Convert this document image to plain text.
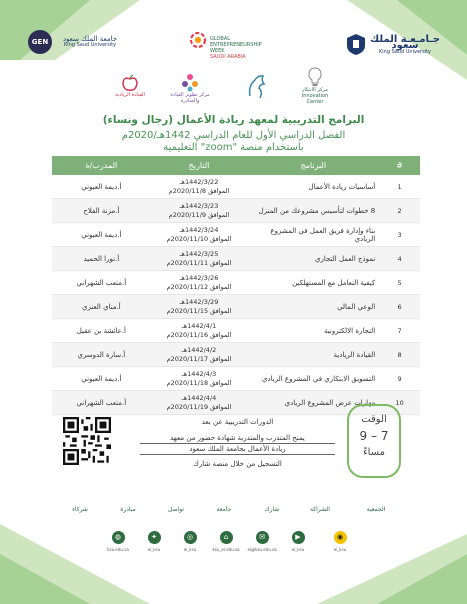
جـامـعـة الملك سعود
King Saud University
GLOBAL
ENTREPRENEURSHIP
WEEK
SAUDI ARABIA
GEN جامعة الملك سعود
King Saud University
مركز الابتكار
Innovation Center
مركز تطوير القيادة والمبادرة
القيادة الريادية
البرامج التدريبية لمعهد ريادة الأعمال (رجال ونساء)
الفصل الدراسي الأول للعام الدراسي 1442هـ/2020م
باستخدام منصة "zoom" التعليمية
#	البرنامج	التاريخ	المدرب/ة
1	أساسيات ريادة الأعمال	1442/3/22هـ
الموافق 2020/11/8م	أ.ديمة العيوني
2	8 خطوات لتأسيس مشروعك من المنزل	1442/3/23هـ
الموافق 2020/11/9م	أ.مزنة الفلاح
3	بناء وإدارة فريق العمل في المشروع الريادي	1442/3/24هـ
الموافق 2020/11/10م	أ.ديمة العيوني
4	نموذج العمل التجاري	1442/3/25هـ
الموافق 2020/11/11م	أ.نورا الحميد
5	كيفية التعامل مع المستهلكين	1442/3/26هـ
الموافق 2020/11/12م	أ.متعب الشهراني
6	الوعي المالي	1442/3/29هـ
الموافق 2020/11/15م	أ.مناي العنزي
7	التجارة الالكترونية	1442/4/1هـ
الموافق 2020/11/16م	أ.عائشة بن عقيل
8	القيادة الريادية	1442/4/2هـ
الموافق 2020/11/17م	أ.سارة الدوسري
9	التسويق الابتكاري في المشروع الريادي	1442/4/3هـ
الموافق 2020/11/18م	أ.ديمة العيوني
10	مهارات عرض المشروع الريادي	1442/4/4هـ
الموافق 2020/11/19م	أ.متعب الشهراني
الدورات التدريبية عن بعد
يمنح المتدرب والمتدربة شهادة حضور من معهد
ريادة الأعمال بجامعة الملك سعود
التسجيل من خلال منصة شارك
الوقت
7 – 9
مساءً
شركاء	مبادرة	تواصل	جامعة	شارك	الشراكة	الجمعية
◍
ksu.edu.sa
✦
ei_ksu
◎
ei_ksu
⌂
ksu_ei.edu.sa
✉
ei@ksu.edu.sa
▶
ei_ksu
◉
ei_ksu
